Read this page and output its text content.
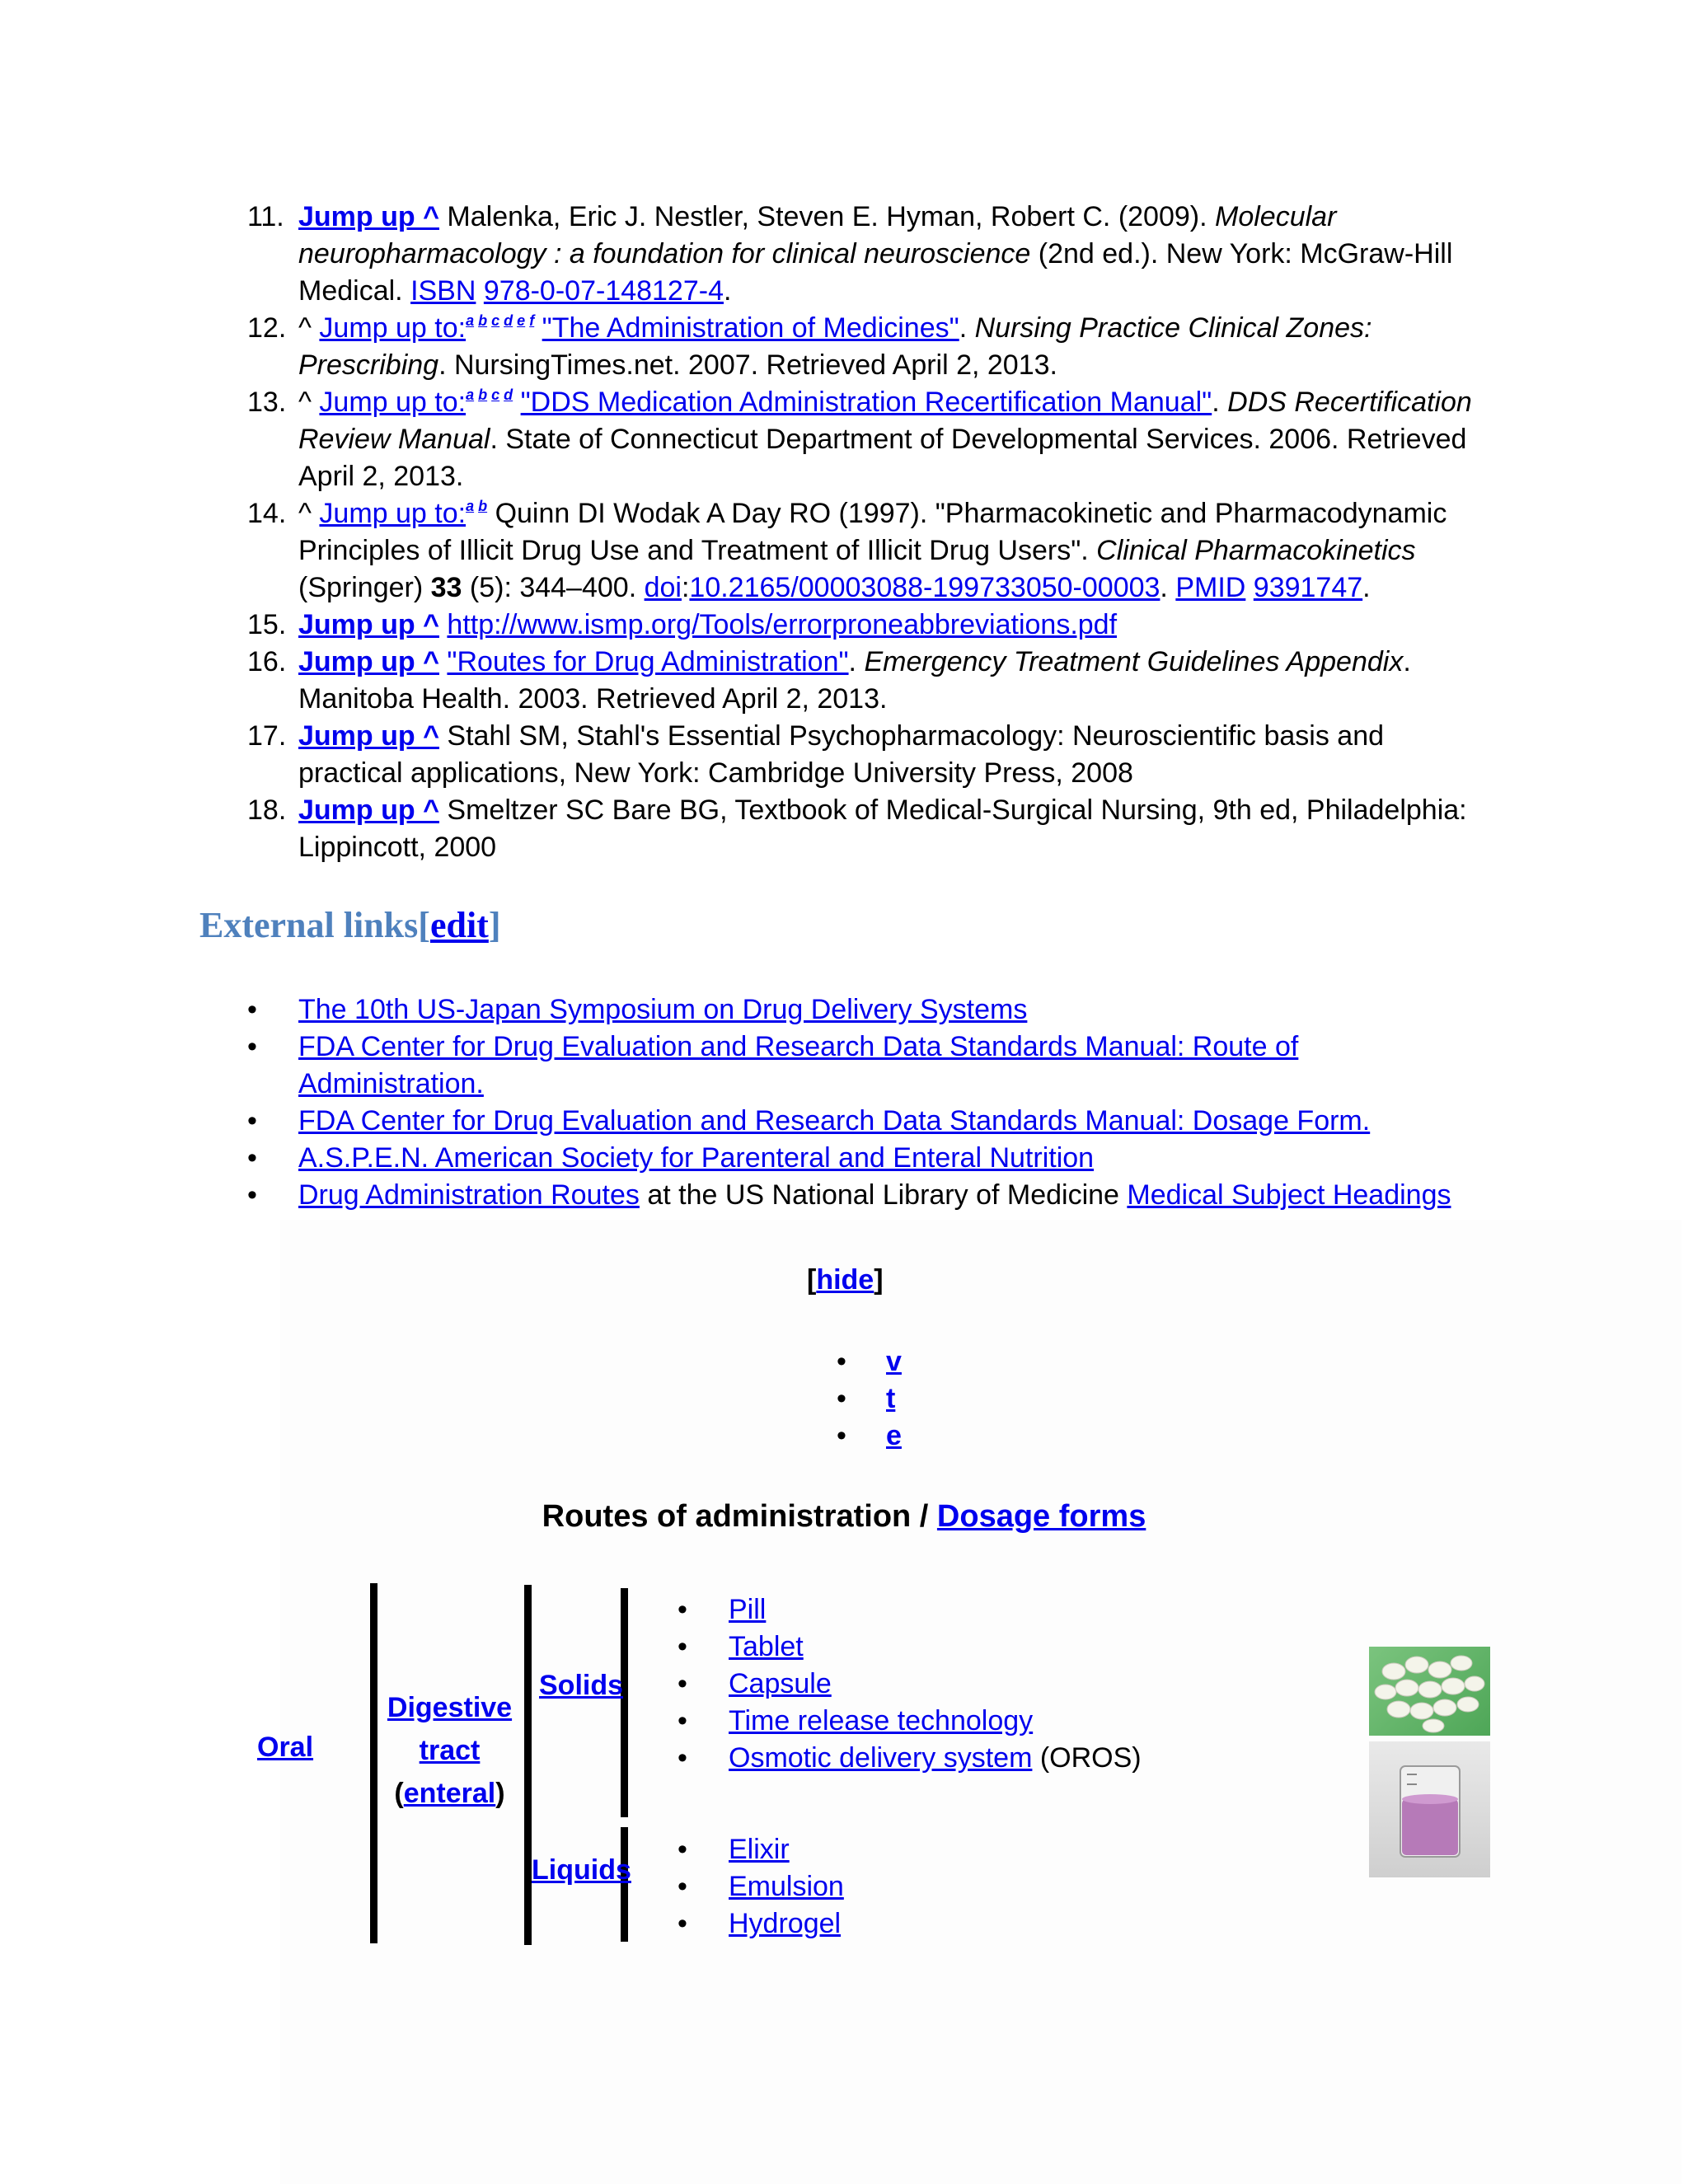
11. Jump up ^ Malenka, Eric J. Nestler, Steven E. Hyman, Robert C. (2009). Molecular neuropharmacology : a foundation for clinical neuroscience (2nd ed.). New York: McGraw-Hill Medical. ISBN 978-0-07-148127-4.
12. ^ Jump up to:$^{a b c d e f}$ "The Administration of Medicines". Nursing Practice Clinical Zones: Prescribing. NursingTimes.net. 2007. Retrieved April 2, 2013.
13. ^ Jump up to:$^{a b c d}$ "DDS Medication Administration Recertification Manual". DDS Recertification Review Manual. State of Connecticut Department of Developmental Services. 2006. Retrieved April 2, 2013.
14. ^ Jump up to:$^{a b}$ Quinn DI Wodak A Day RO (1997). "Pharmacokinetic and Pharmacodynamic Principles of Illicit Drug Use and Treatment of Illicit Drug Users". Clinical Pharmacokinetics (Springer) 33 (5): 344–400. doi:10.2165/00003088-199733050-00003. PMID 9391747.
15. Jump up ^ http://www.ismp.org/Tools/errorproneabbreviations.pdf
16. Jump up ^ "Routes for Drug Administration". Emergency Treatment Guidelines Appendix. Manitoba Health. 2003. Retrieved April 2, 2013.
17. Jump up ^ Stahl SM, Stahl's Essential Psychopharmacology: Neuroscientific basis and practical applications, New York: Cambridge University Press, 2008
18. Jump up ^ Smeltzer SC Bare BG, Textbook of Medical-Surgical Nursing, 9th ed, Philadelphia: Lippincott, 2000
External links[edit]
• The 10th US-Japan Symposium on Drug Delivery Systems
• FDA Center for Drug Evaluation and Research Data Standards Manual: Route of Administration.
• FDA Center for Drug Evaluation and Research Data Standards Manual: Dosage Form.
• A.S.P.E.N. American Society for Parenteral and Enteral Nutrition
• Drug Administration Routes at the US National Library of Medicine Medical Subject Headings

[hide]
• v
• t
• e
Routes of administration / Dosage forms
Oral
Digestive
tract
(enteral)
Solids
Liquids
• Pill
• Tablet
• Capsule
• Time release technology
• Osmotic delivery system (OROS)
• Elixir
• Emulsion
• Hydrogel
